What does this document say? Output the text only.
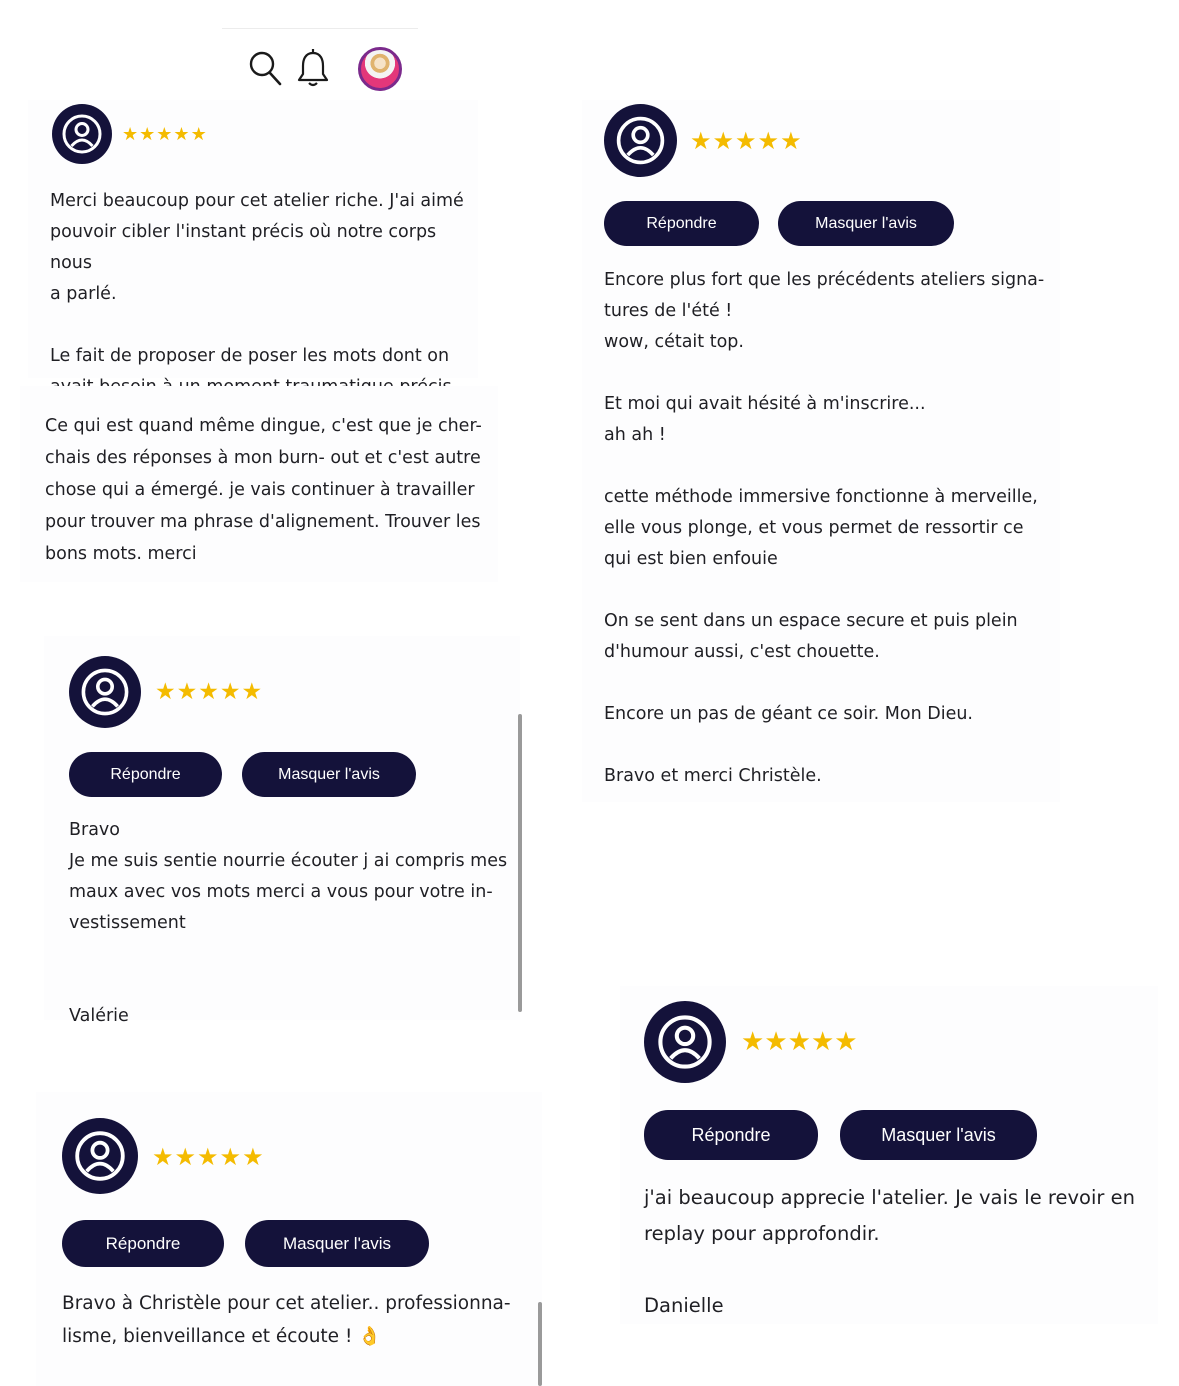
★ ★ ★ ★ ★

Merci beaucoup pour cet atelier riche. J'ai aimé
pouvoir cibler l'instant précis où notre corps nous
a parlé.

Le fait de proposer de poser les mots dont on

Ce qui est quand même dingue, c'est que je cher-
chais des réponses à mon burn- out et c'est autre
chose qui a émergé. je vais continuer à travailler
pour trouver ma phrase d'alignement. Trouver les
bons mots. merci

★ ★ ★ ★ ★
Répondre	Masquer l'avis

Encore plus fort que les précédents ateliers signa-
tures de l'été !
wow, cétait top.

Et moi qui avait hésité à m'inscrire...
ah ah !

cette méthode immersive fonctionne à merveille,
elle vous plonge, et vous permet de ressortir ce
qui est bien enfouie

On se sent dans un espace secure et puis plein
d'humour aussi, c'est chouette.

Encore un pas de géant ce soir. Mon Dieu.

Bravo et merci Christèle.

★ ★ ★ ★ ★
Répondre	Masquer l'avis

Bravo
Je me suis sentie nourrie écouter j ai compris mes
maux avec vos mots merci a vous pour votre in-
vestissement

Valérie

★ ★ ★ ★ ★
Répondre	Masquer l'avis

j'ai beaucoup apprecie l'atelier. Je vais le revoir en
replay pour approfondir.

Danielle

★ ★ ★ ★ ★
Répondre	Masquer l'avis

Bravo à Christèle pour cet atelier.. professionna-
lisme, bienveillance et écoute ! 👌
